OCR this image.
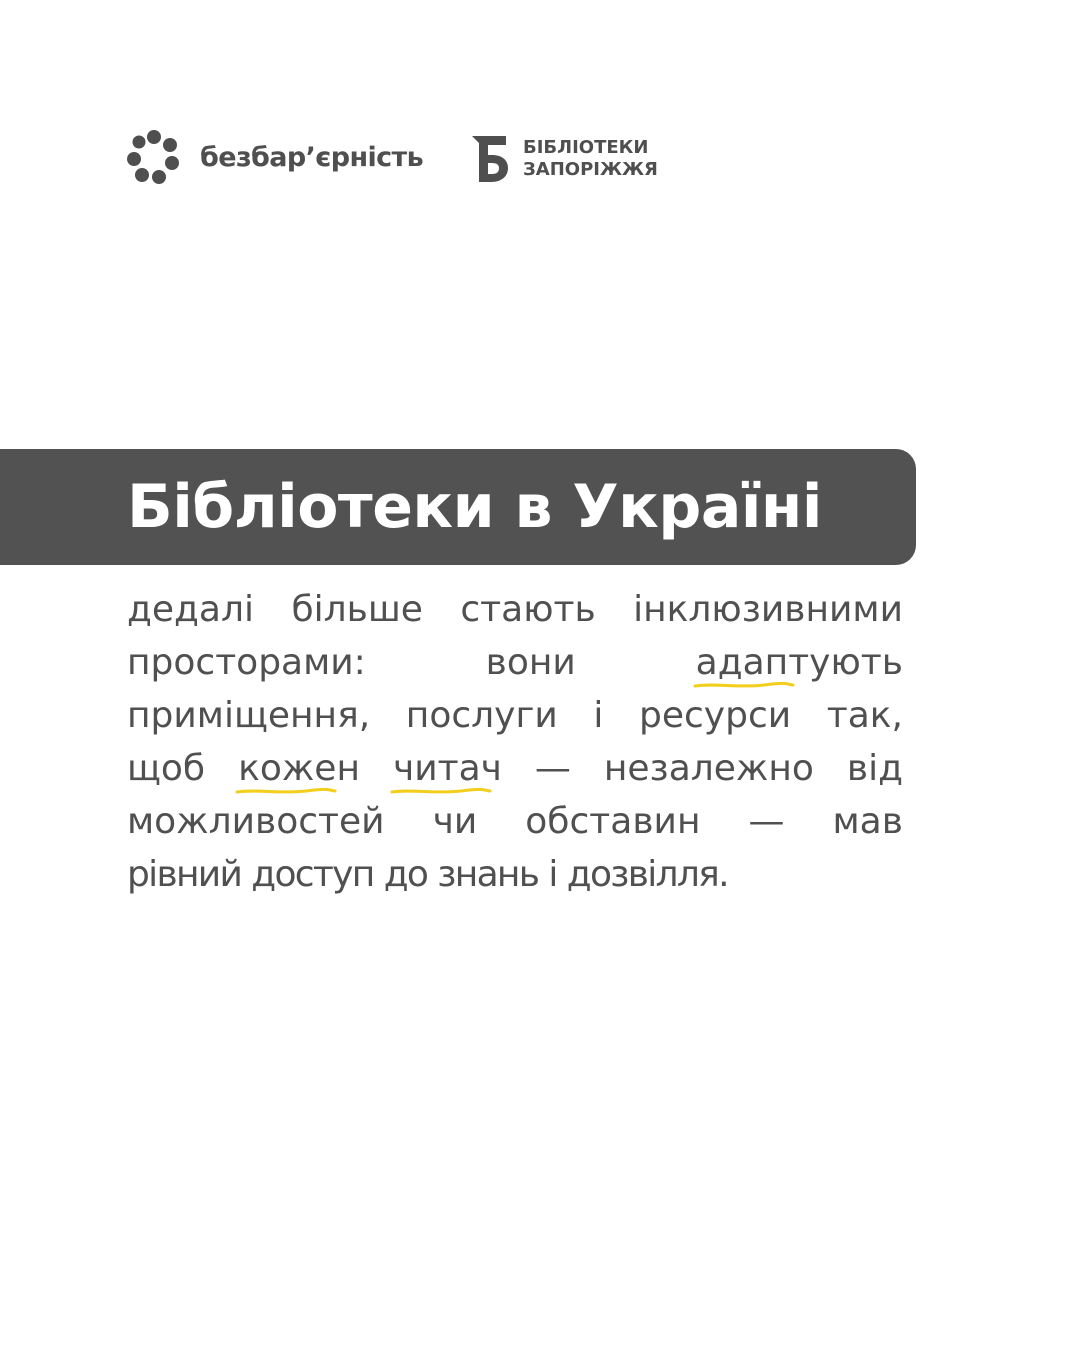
безбар’єрність	БІБЛІОТЕКИ
ЗАПОРІЖЖЯ
Бібліотеки в Україні
дедалі більше стають інклюзивними
просторами:	вони	адаптують
приміщення, послуги і ресурси так,
щоб кожен читач — незалежно від
можливостей чи обставин — мав
рівний доступ до знань і дозвілля.
